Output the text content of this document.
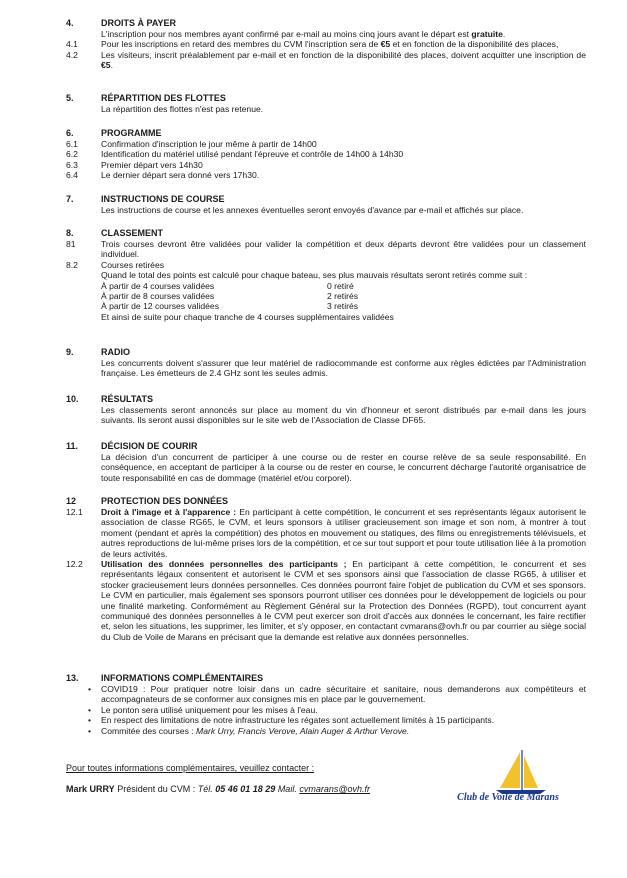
4.	DROITS À PAYER
L'inscription pour nos membres ayant confirmé par e-mail au moins cinq jours avant le départ est gratuite.
4.1	Pour les inscriptions en retard des membres du CVM l'inscription sera de €5 et en fonction de la disponibilité des places,
4.2	Les visiteurs, inscrit préalablement par e-mail et en fonction de la disponibilité des places, doivent acquitter une inscription de €5.
5.	RÉPARTITION DES FLOTTES
La répartition des flottes n'est pas retenue.
6.	PROGRAMME
6.1	Confirmation d'inscription le jour même à partir de 14h00
6.2	Identification du matériel utilisé pendant l'épreuve et contrôle de 14h00 à 14h30
6.3	Premier départ vers 14h30
6.4	Le dernier départ sera donné vers 17h30.
7.	INSTRUCTIONS DE COURSE
Les instructions de course et les annexes éventuelles seront envoyés d'avance par e-mail et affichés sur place.
8.	CLASSEMENT
81	Trois courses devront être validées pour valider la compétition et deux départs devront être validées pour un classement individuel.
8.2	Courses retirées
Quand le total des points est calculé pour chaque bateau, ses plus mauvais résultats seront retirés comme suit :
À partir de 4 courses validées	0 retiré
À partir de 8 courses validées	2 retirés
À partir de 12 courses validées	3 retirés
Et ainsi de suite pour chaque tranche de 4 courses supplémentaires validées
9.	RADIO
Les concurrents doivent s'assurer que leur matériel de radiocommande est conforme aux règles édictées par l'Administration française. Les émetteurs de 2.4 GHz sont les seules admis.
10.	RÉSULTATS
Les classements seront annoncés sur place au moment du vin d'honneur et seront distribués par e-mail dans les jours suivants. Ils seront aussi disponibles sur le site web de l'Association de Classe DF65.
11.	DÉCISION DE COURIR
La décision d'un concurrent de participer à une course ou de rester en course relève de sa seule responsabilité. En conséquence, en acceptant de participer à la course ou de rester en course, le concurrent décharge l'autorité organisatrice de toute responsabilité en cas de dommage (matériel et/ou corporel).
12	PROTECTION DES DONNÉES
12.1	Droit à l'image et à l'apparence : En participant à cette compétition, le concurrent et ses représentants légaux autorisent le association de classe RG65, le CVM, et leurs sponsors à utiliser gracieusement son image et son nom, à montrer à tout moment (pendant et après la compétition) des photos en mouvement ou statiques, des films ou enregistrements télévisuels, et autres reproductions de lui-même prises lors de la compétition, et ce sur tout support et pour toute utilisation liée à la promotion de leurs activités.
12.2	Utilisation des données personnelles des participants ; En participant à cette compétition, le concurrent et ses représentants légaux consentent et autorisent le CVM et ses sponsors ainsi que l'association de classe RG65, à utiliser et stocker gracieusement leurs données personnelles. Ces données pourront faire l'objet de publication du CVM et ses sponsors. Le CVM en particulier, mais également ses sponsors pourront utiliser ces données pour le développement de logiciels ou pour une finalité marketing. Conformément au Règlement Général sur la Protection des Données (RGPD), tout concurrent ayant communiqué des données personnelles à le CVM peut exercer son droit d'accès aux données le concernant, les faire rectifier et, selon les situations, les supprimer, les limiter, et s'y opposer, en contactant cvmarans@ovh.fr ou par courrier au siège social du Club de Voile de Marans en précisant que la demande est relative aux données personnelles.
13.	INFORMATIONS COMPLÉMENTAIRES
•	COVID19 : Pour pratiquer notre loisir dans un cadre sécuritaire et sanitaire, nous demanderons aux compétiteurs et accompagnateurs de se conformer aux consignes mis en place par le gouvernement.
•	Le ponton sera utilisé uniquement pour les mises à l'eau.
•	En respect des limitations de notre infrastructure les régates sont actuellement limités à 15 participants.
•	Commitée des courses : Mark Urry, Francis Verove, Alain Auger & Arthur Verove.
Pour toutes informations complémentaires, veuillez contacter :
Mark URRY Président du CVM : Tél. 05 46 01 18 29 Mail. cvmarans@ovh.fr
Club de Voile de Marans
